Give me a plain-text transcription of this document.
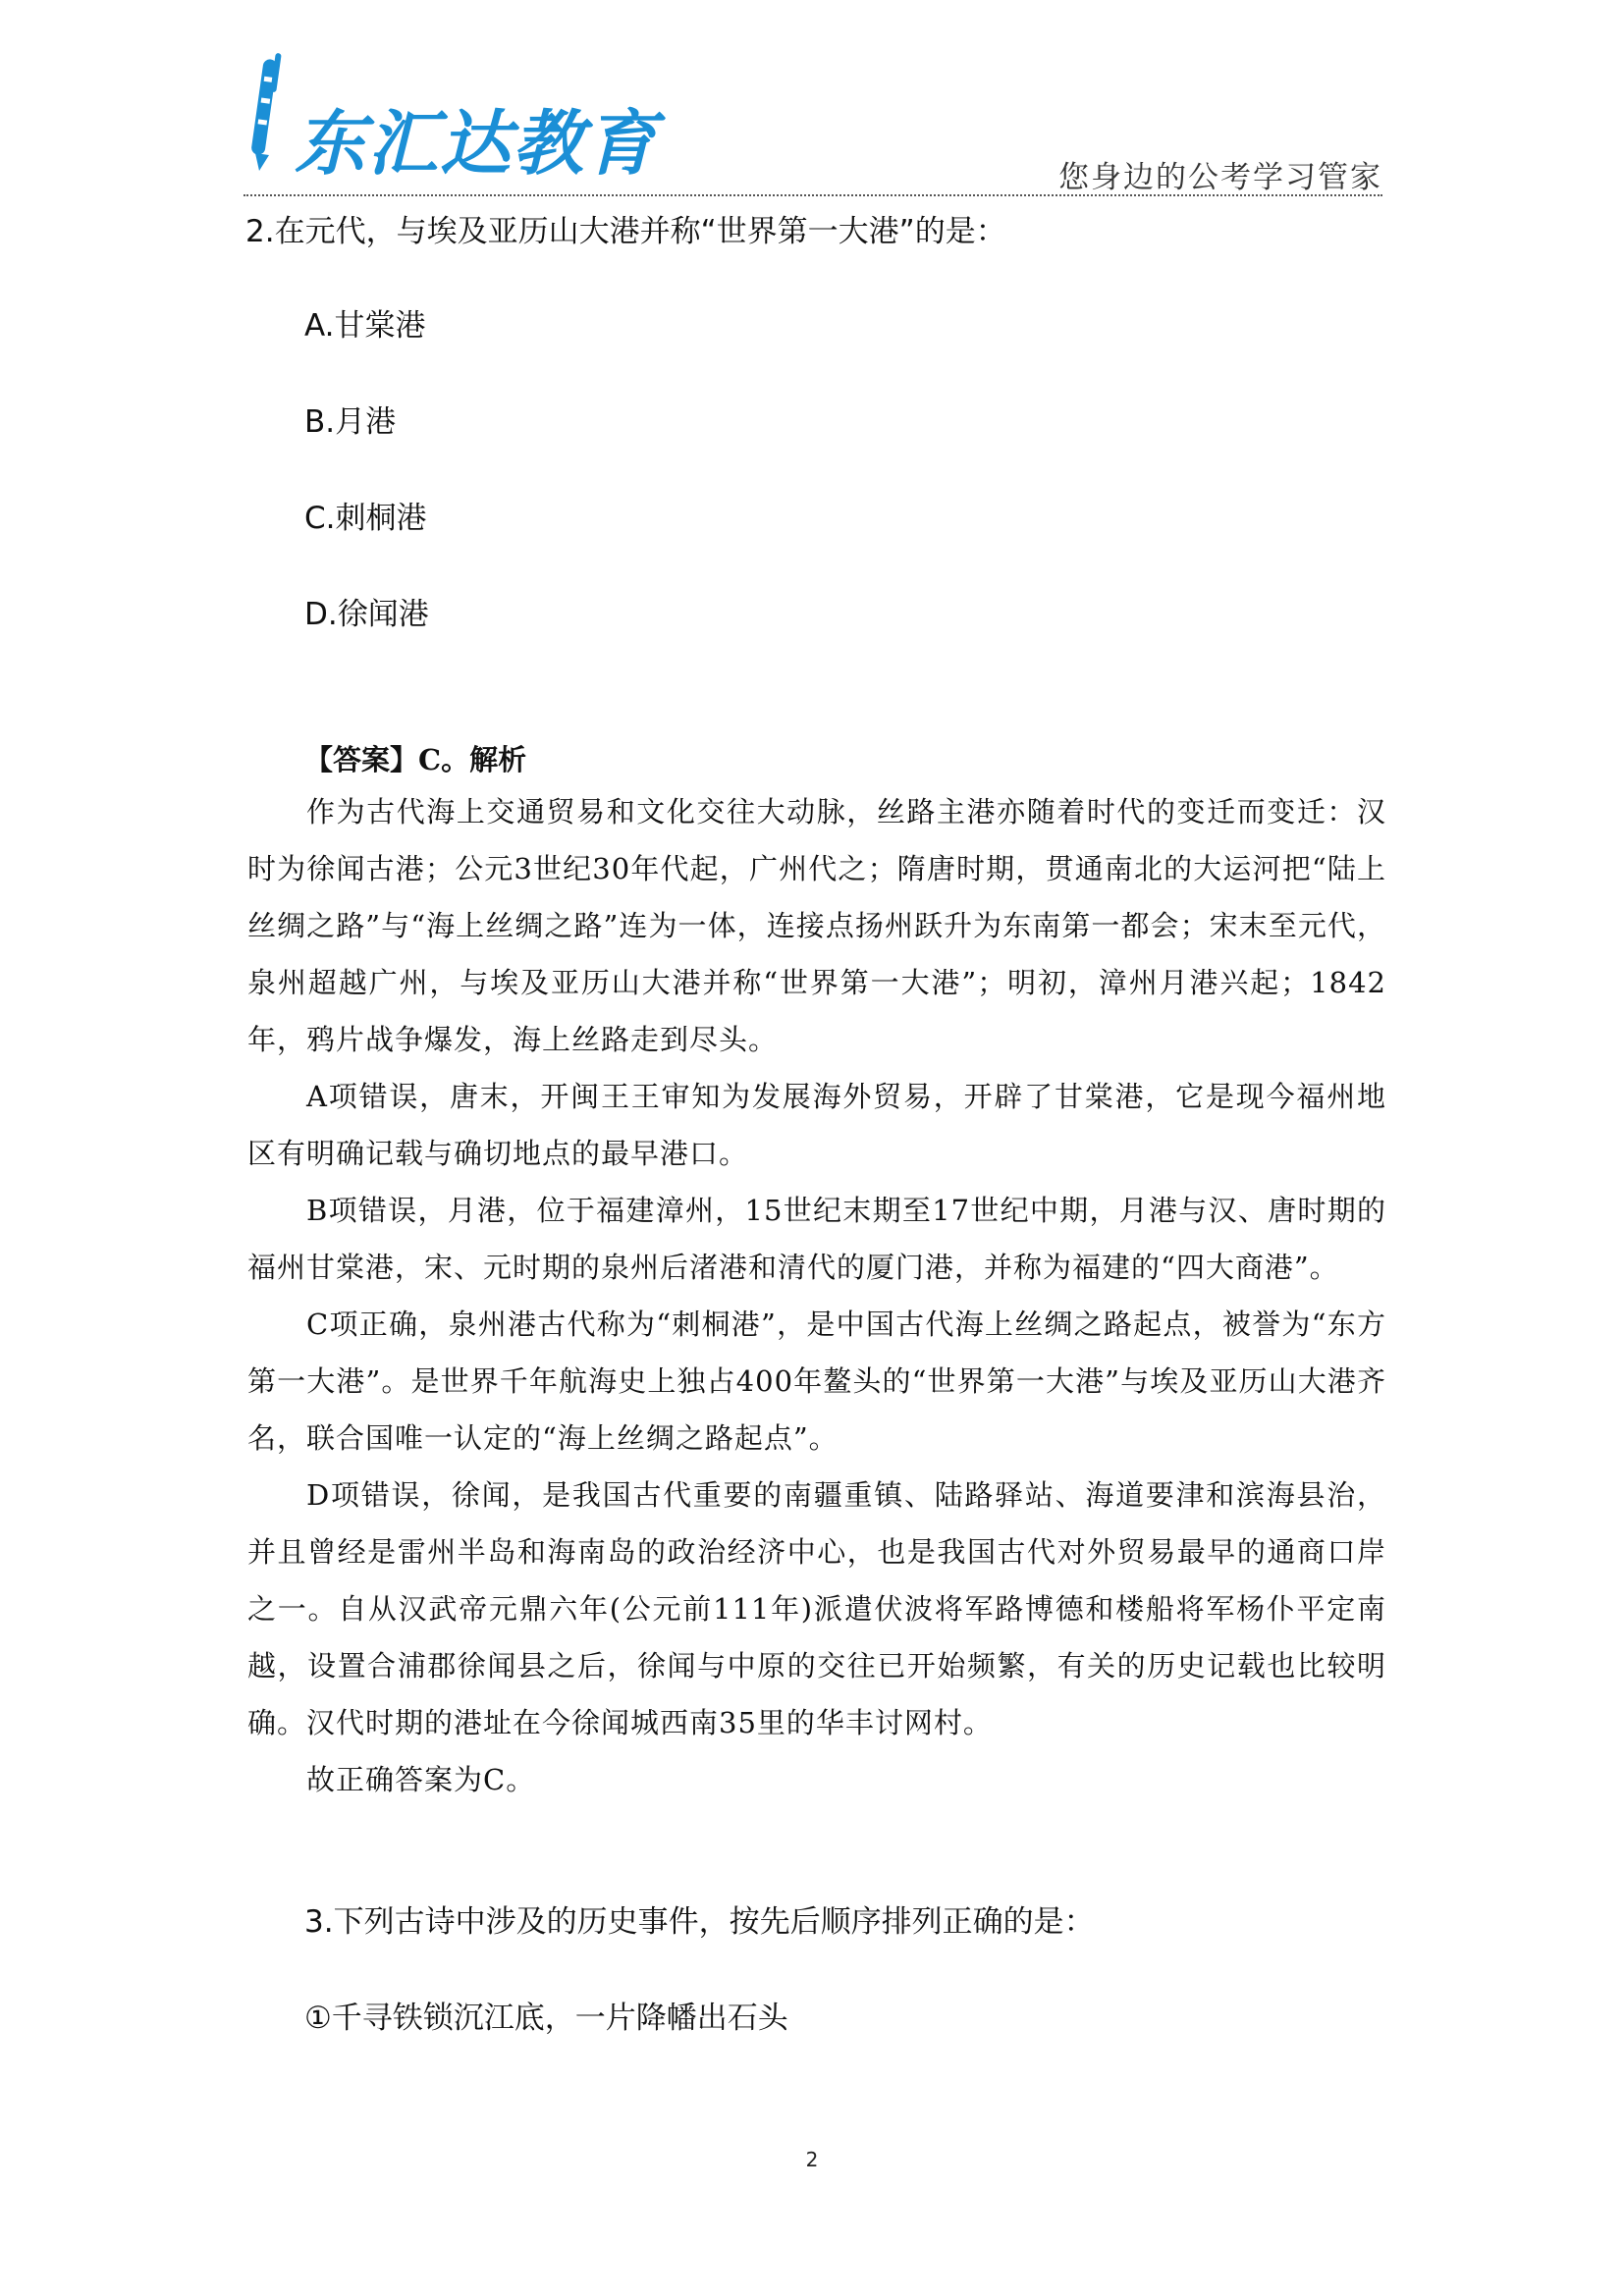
东汇达教育	您身边的公考学习管家
2.在元代，与埃及亚历山大港并称“世界第一大港”的是：
A.甘棠港
B.月港
C.刺桐港
D.徐闻港
【答案】C。解析
作为古代海上交通贸易和文化交往大动脉，丝路主港亦随着时代的变迁而变迁：汉时为徐闻古港；公元3世纪30年代起，广州代之；隋唐时期，贯通南北的大运河把“陆上丝绸之路”与“海上丝绸之路”连为一体，连接点扬州跃升为东南第一都会；宋末至元代，泉州超越广州，与埃及亚历山大港并称“世界第一大港”；明初，漳州月港兴起；1842年，鸦片战争爆发，海上丝路走到尽头。
A项错误，唐末，开闽王王审知为发展海外贸易，开辟了甘棠港，它是现今福州地区有明确记载与确切地点的最早港口。
B项错误，月港，位于福建漳州，15世纪末期至17世纪中期，月港与汉、唐时期的福州甘棠港，宋、元时期的泉州后渚港和清代的厦门港，并称为福建的“四大商港”。
C项正确，泉州港古代称为“刺桐港”，是中国古代海上丝绸之路起点，被誉为“东方第一大港”。是世界千年航海史上独占400年鳌头的“世界第一大港”与埃及亚历山大港齐名，联合国唯一认定的“海上丝绸之路起点”。
D项错误，徐闻，是我国古代重要的南疆重镇、陆路驿站、海道要津和滨海县治，并且曾经是雷州半岛和海南岛的政治经济中心，也是我国古代对外贸易最早的通商口岸之一。自从汉武帝元鼎六年(公元前111年)派遣伏波将军路博德和楼船将军杨仆平定南越，设置合浦郡徐闻县之后，徐闻与中原的交往已开始频繁，有关的历史记载也比较明确。汉代时期的港址在今徐闻城西南35里的华丰讨网村。
故正确答案为C。
3.下列古诗中涉及的历史事件，按先后顺序排列正确的是：
①千寻铁锁沉江底，一片降幡出石头
2
